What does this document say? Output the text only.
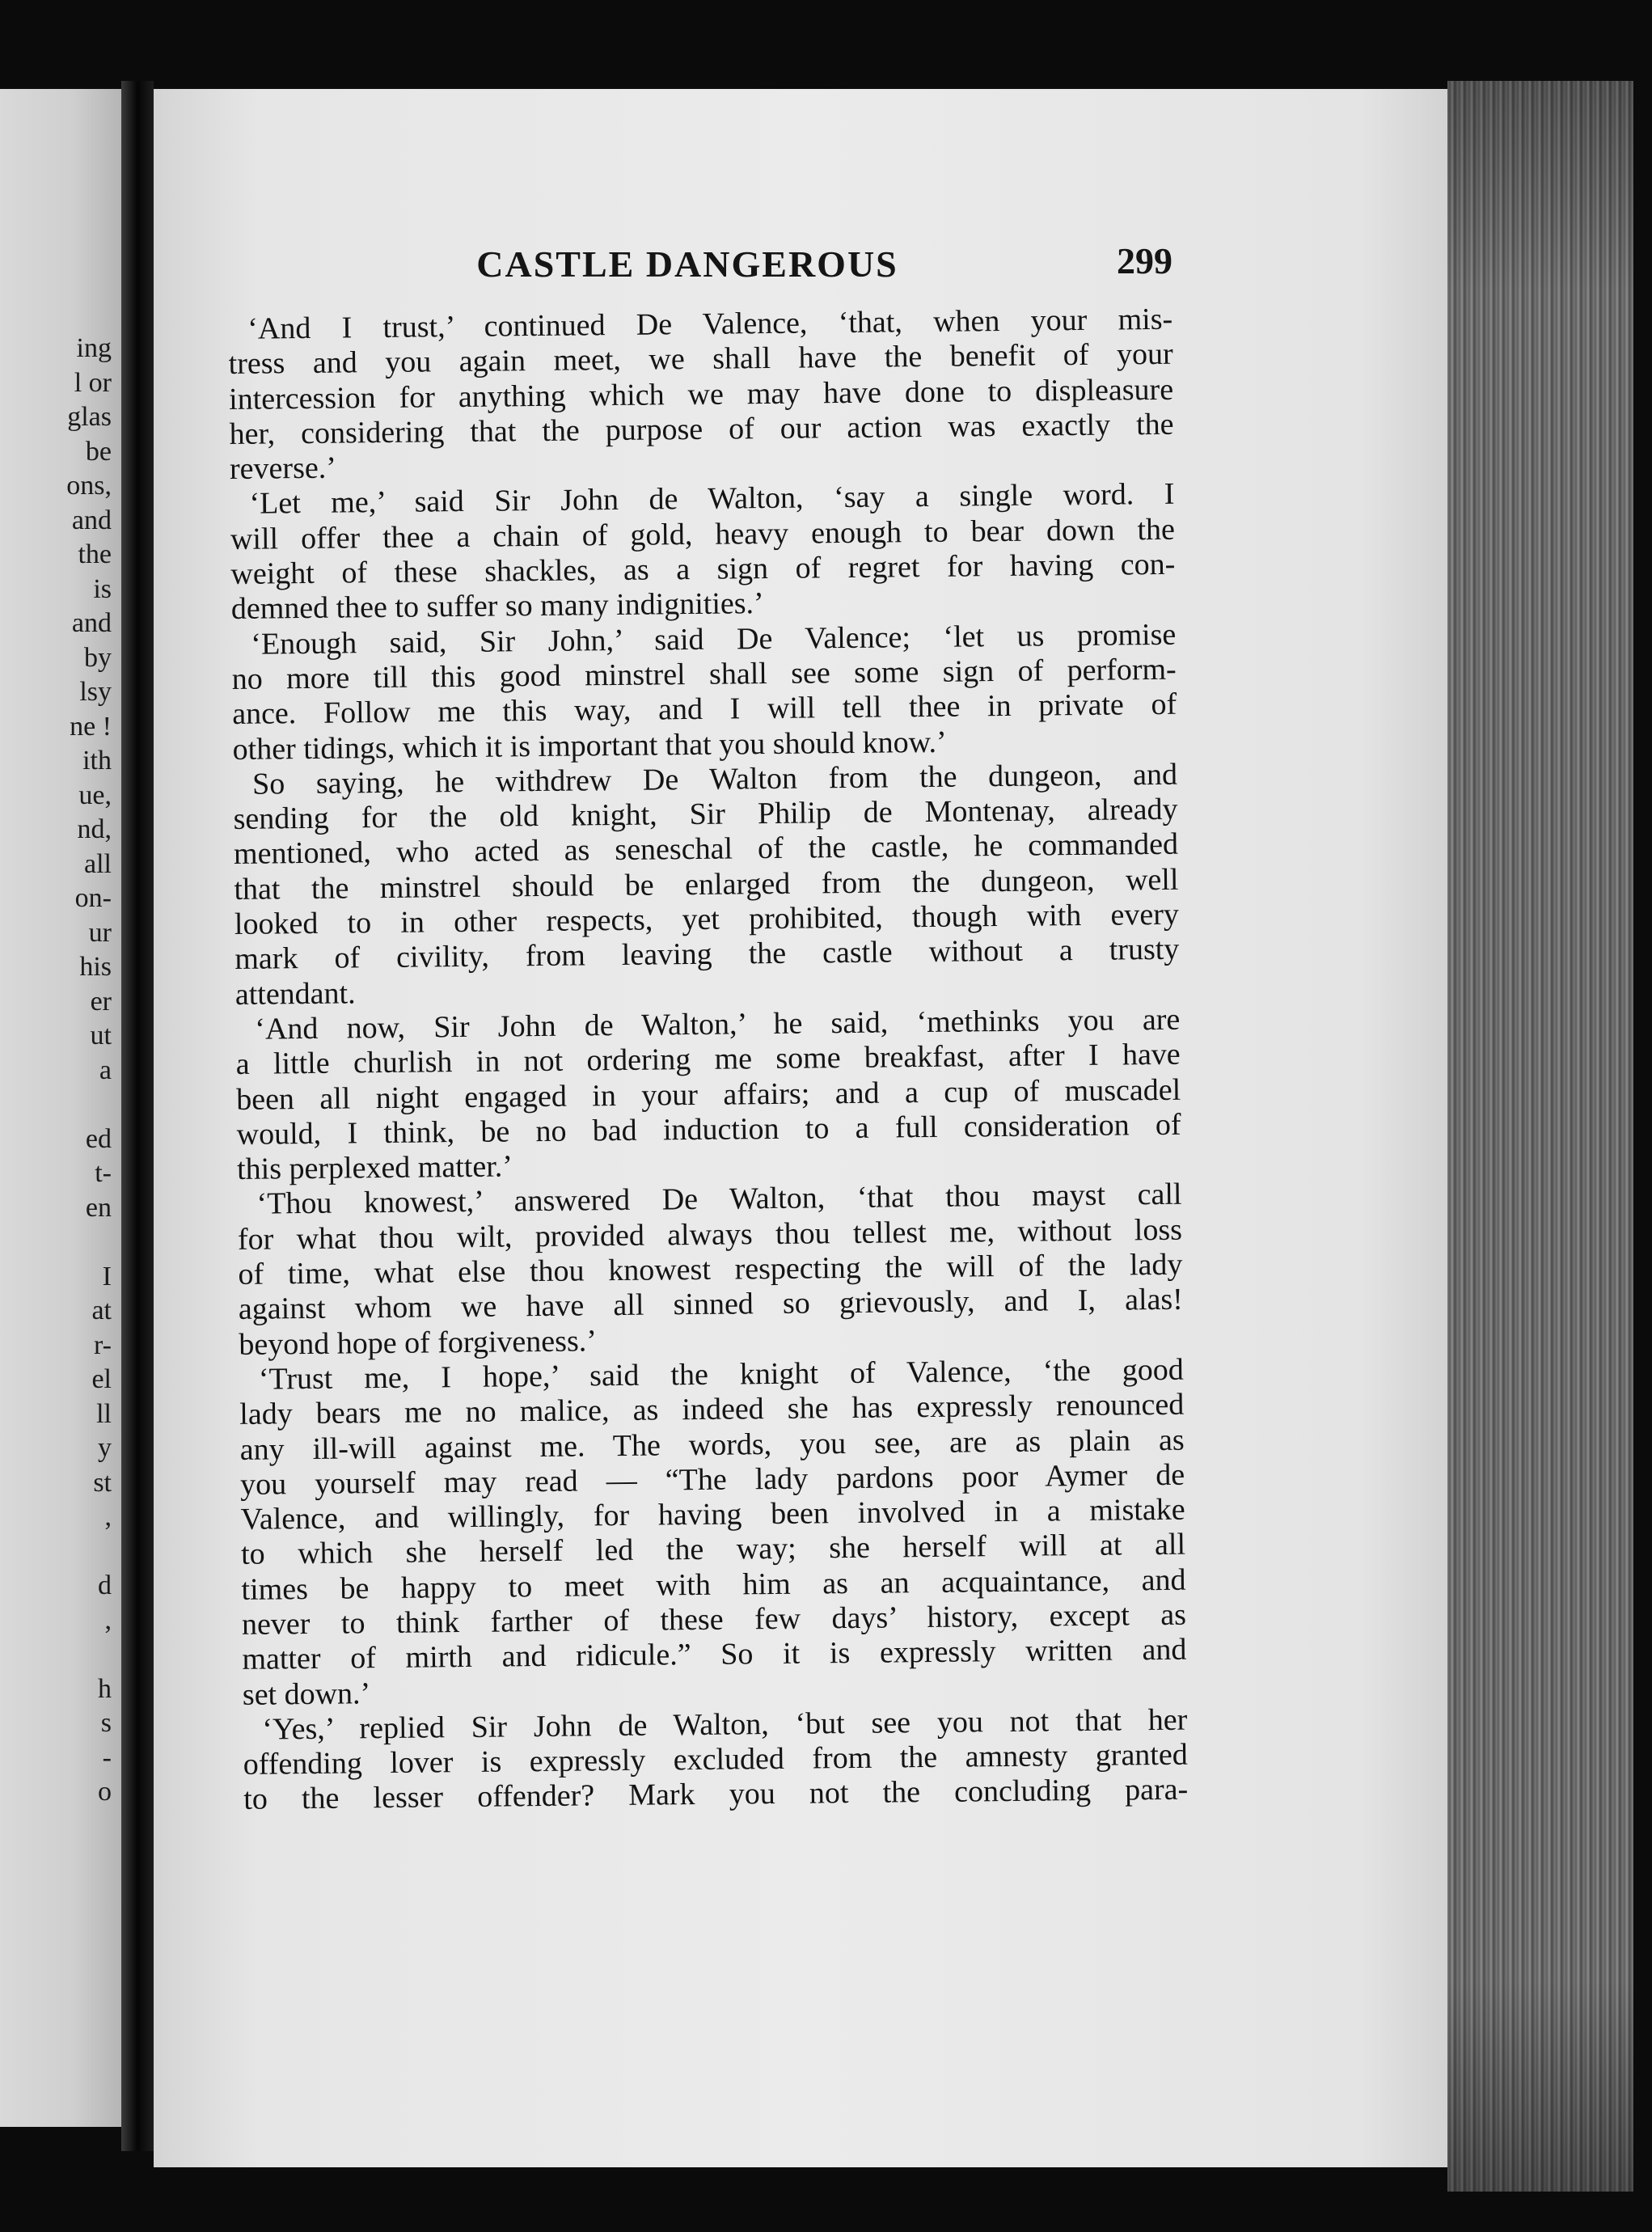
ing
l or
glas
be
ons,
and
the
is
and
by
lsy
ne !
ith
ue,
nd,
all
on-
ur
his
er
ut
a
ed
t-
en
I
at
r-
el
ll
y
st
,
d
,
h
s
-
o
CASTLE DANGEROUS	299
‘And I trust,’ continued De Valence, ‘that, when your mis-
tress and you again meet, we shall have the benefit of your
intercession for anything which we may have done to displeasure
her, considering that the purpose of our action was exactly the
reverse.’
‘Let me,’ said Sir John de Walton, ‘say a single word. I
will offer thee a chain of gold, heavy enough to bear down the
weight of these shackles, as a sign of regret for having con-
demned thee to suffer so many indignities.’
‘Enough said, Sir John,’ said De Valence; ‘let us promise
no more till this good minstrel shall see some sign of perform-
ance. Follow me this way, and I will tell thee in private of
other tidings, which it is important that you should know.’
So saying, he withdrew De Walton from the dungeon, and
sending for the old knight, Sir Philip de Montenay, already
mentioned, who acted as seneschal of the castle, he commanded
that the minstrel should be enlarged from the dungeon, well
looked to in other respects, yet prohibited, though with every
mark of civility, from leaving the castle without a trusty
attendant.
‘And now, Sir John de Walton,’ he said, ‘methinks you are
a little churlish in not ordering me some breakfast, after I have
been all night engaged in your affairs; and a cup of muscadel
would, I think, be no bad induction to a full consideration of
this perplexed matter.’
‘Thou knowest,’ answered De Walton, ‘that thou mayst call
for what thou wilt, provided always thou tellest me, without loss
of time, what else thou knowest respecting the will of the lady
against whom we have all sinned so grievously, and I, alas!
beyond hope of forgiveness.’
‘Trust me, I hope,’ said the knight of Valence, ‘the good
lady bears me no malice, as indeed she has expressly renounced
any ill-will against me. The words, you see, are as plain as
you yourself may read — “The lady pardons poor Aymer de
Valence, and willingly, for having been involved in a mistake
to which she herself led the way; she herself will at all
times be happy to meet with him as an acquaintance, and
never to think farther of these few days’ history, except as
matter of mirth and ridicule.” So it is expressly written and
set down.’
‘Yes,’ replied Sir John de Walton, ‘but see you not that her
offending lover is expressly excluded from the amnesty granted
to the lesser offender? Mark you not the concluding para-
